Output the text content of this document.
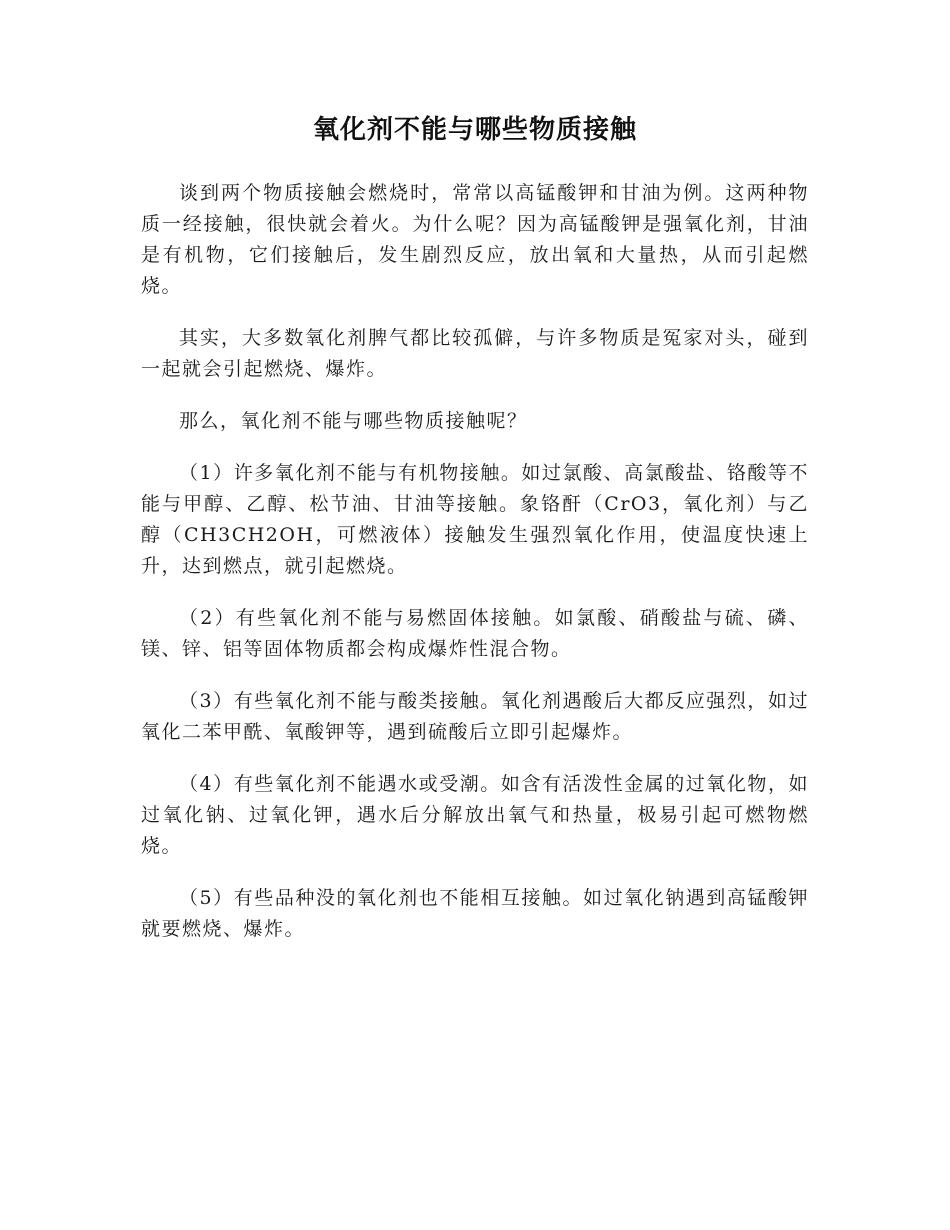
氧化剂不能与哪些物质接触

谈到两个物质接触会燃烧时，常常以高锰酸钾和甘油为例。这两种物质一经接触，很快就会着火。为什么呢？因为高锰酸钾是强氧化剂，甘油是有机物，它们接触后，发生剧烈反应，放出氧和大量热，从而引起燃烧。

其实，大多数氧化剂脾气都比较孤僻，与许多物质是冤家对头，碰到一起就会引起燃烧、爆炸。

那么，氧化剂不能与哪些物质接触呢？

（1）许多氧化剂不能与有机物接触。如过氯酸、高氯酸盐、铬酸等不能与甲醇、乙醇、松节油、甘油等接触。象铬酐（CrO3，氧化剂）与乙醇（CH3CH2OH，可燃液体）接触发生强烈氧化作用，使温度快速上升，达到燃点，就引起燃烧。

（2）有些氧化剂不能与易燃固体接触。如氯酸、硝酸盐与硫、磷、镁、锌、铝等固体物质都会构成爆炸性混合物。

（3）有些氧化剂不能与酸类接触。氧化剂遇酸后大都反应强烈，如过氧化二苯甲酰、氧酸钾等，遇到硫酸后立即引起爆炸。

（4）有些氧化剂不能遇水或受潮。如含有活泼性金属的过氧化物，如过氧化钠、过氧化钾，遇水后分解放出氧气和热量，极易引起可燃物燃烧。

（5）有些品种没的氧化剂也不能相互接触。如过氧化钠遇到高锰酸钾就要燃烧、爆炸。
